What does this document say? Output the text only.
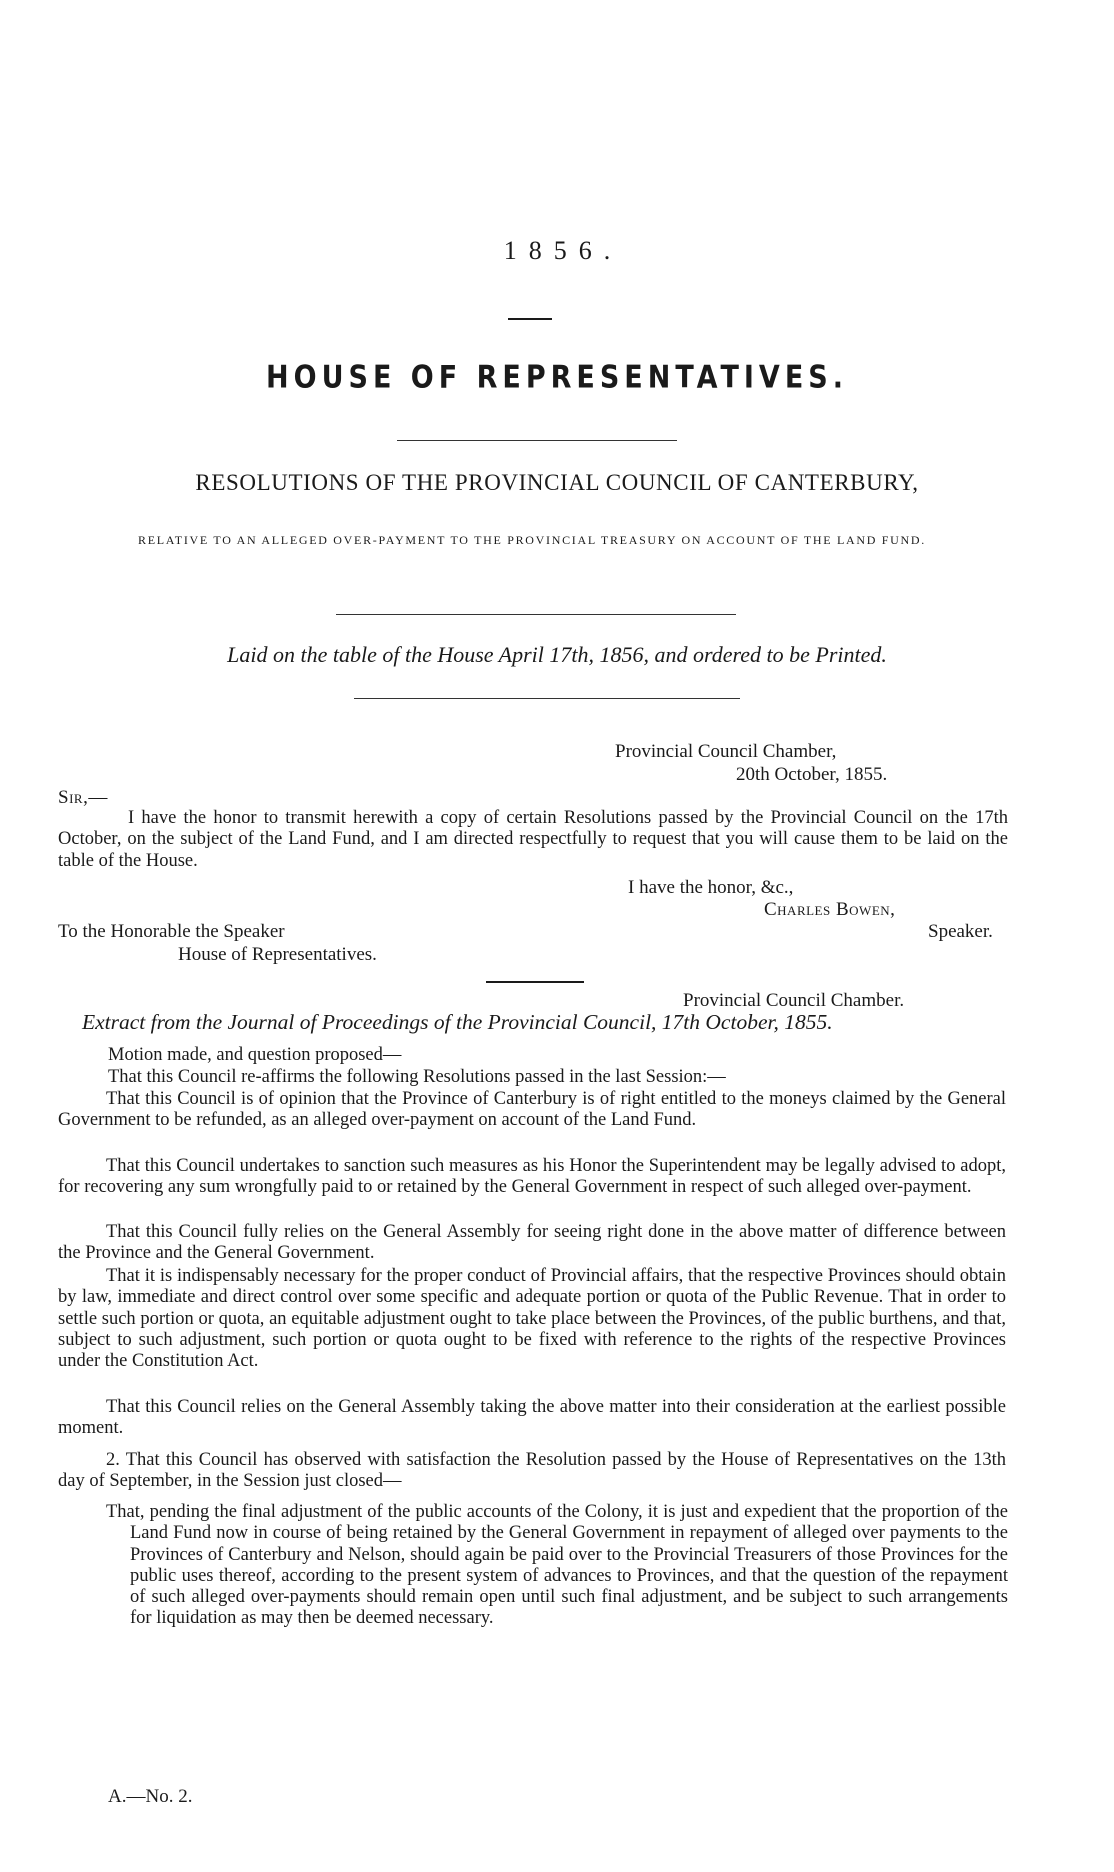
1856.
HOUSE OF REPRESENTATIVES.
RESOLUTIONS OF THE PROVINCIAL COUNCIL OF CANTERBURY,
RELATIVE TO AN ALLEGED OVER-PAYMENT TO THE PROVINCIAL TREASURY ON ACCOUNT OF THE LAND FUND.
Laid on the table of the House April 17th, 1856, and ordered to be Printed.
Provincial Council Chamber,
20th October, 1855.
Sir,—
I have the honor to transmit herewith a copy of certain Resolutions passed by the Provincial Council on the 17th October, on the subject of the Land Fund, and I am directed respectfully to request that you will cause them to be laid on the table of the House.
I have the honor, &c.,
Charles Bowen,
To the Honorable the Speaker	Speaker.
House of Representatives.
Provincial Council Chamber.
Extract from the Journal of Proceedings of the Provincial Council, 17th October, 1855.
Motion made, and question proposed—
That this Council re-affirms the following Resolutions passed in the last Session:—
That this Council is of opinion that the Province of Canterbury is of right entitled to the moneys claimed by the General Government to be refunded, as an alleged over-payment on account of the Land Fund.
That this Council undertakes to sanction such measures as his Honor the Superintendent may be legally advised to adopt, for recovering any sum wrongfully paid to or retained by the General Government in respect of such alleged over-payment.
That this Council fully relies on the General Assembly for seeing right done in the above matter of difference between the Province and the General Government.
That it is indispensably necessary for the proper conduct of Provincial affairs, that the respective Provinces should obtain by law, immediate and direct control over some specific and adequate portion or quota of the Public Revenue. That in order to settle such portion or quota, an equitable adjustment ought to take place between the Provinces, of the public burthens, and that, subject to such adjustment, such portion or quota ought to be fixed with reference to the rights of the respective Provinces under the Constitution Act.
That this Council relies on the General Assembly taking the above matter into their consideration at the earliest possible moment.
2. That this Council has observed with satisfaction the Resolution passed by the House of Representatives on the 13th day of September, in the Session just closed—
That, pending the final adjustment of the public accounts of the Colony, it is just and expedient that the proportion of the Land Fund now in course of being retained by the General Government in repayment of alleged over payments to the Provinces of Canterbury and Nelson, should again be paid over to the Provincial Treasurers of those Provinces for the public uses thereof, according to the present system of advances to Provinces, and that the question of the repayment of such alleged over-payments should remain open until such final adjustment, and be subject to such arrangements for liquidation as may then be deemed necessary.
A.—No. 2.
